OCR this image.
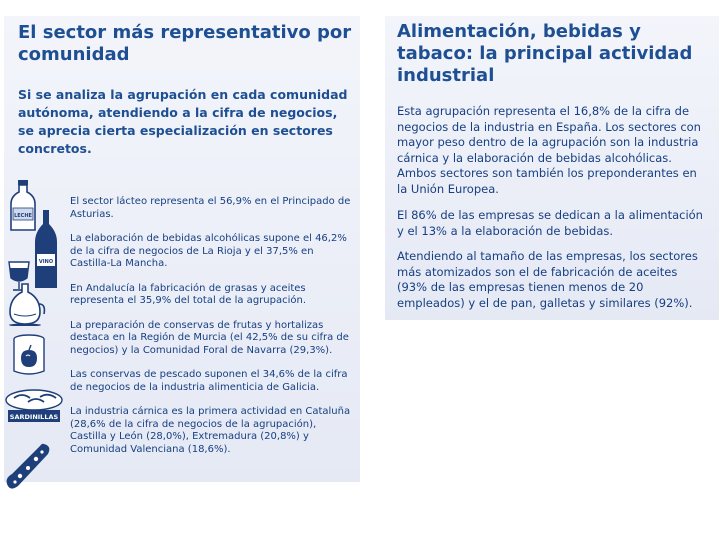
El sector más representativo por comunidad

Si se analiza la agrupación en cada comunidad autónoma, atendiendo a la cifra de negocios, se aprecia cierta especialización en sectores concretos.

LECHE
VINO
SARDINILLAS
El sector lácteo representa el 56,9% en el Principado de Asturias.
La elaboración de bebidas alcohólicas supone el 46,2% de la cifra de negocios de La Rioja y el 37,5% en Castilla-La Mancha.
En Andalucía la fabricación de grasas y aceites representa el 35,9% del total de la agrupación.
La preparación de conservas de frutas y hortalizas destaca en la Región de Murcia (el 42,5% de su cifra de negocios) y la Comunidad Foral de Navarra (29,3%).
Las conservas de pescado suponen el 34,6% de la cifra de negocios de la industria alimenticia de Galicia.
La industria cárnica es la primera actividad en Cataluña (28,6% de la cifra de negocios de la agrupación), Castilla y León (28,0%), Extremadura (20,8%) y Comunidad Valenciana (18,6%).
Alimentación, bebidas y tabaco: la principal actividad industrial

Esta agrupación representa el 16,8% de la cifra de negocios de la industria en España. Los sectores con mayor peso dentro de la agrupación son la industria cárnica y la elaboración de bebidas alcohólicas. Ambos sectores son también los preponderantes en la Unión Europea.

El 86% de las empresas se dedican a la alimentación y el 13% a la elaboración de bebidas.

Atendiendo al tamaño de las empresas, los sectores más atomizados son el de fabricación de aceites (93% de las empresas tienen menos de 20 empleados) y el de pan, galletas y similares (92%).
